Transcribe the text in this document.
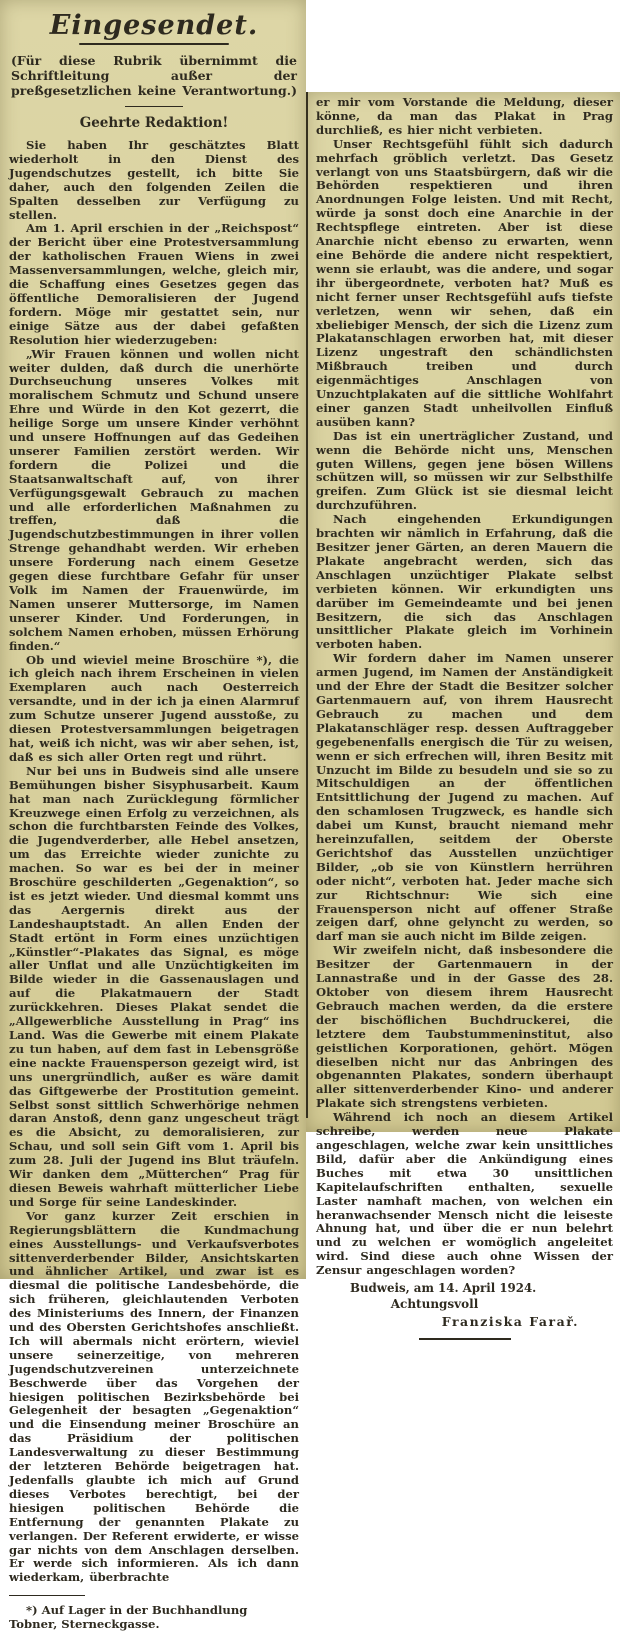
Eingesendet.
(Für diese Rubrik übernimmt die Schriftleitung außer der preßgesetzlichen keine Verantwortung.)
Geehrte Redaktion!

Sie haben Ihr geschätztes Blatt wiederholt in den Dienst des Jugendschutzes gestellt, ich bitte Sie daher, auch den folgenden Zeilen die Spalten desselben zur Verfügung zu stellen.

Am 1. April erschien in der „Reichspost“ der Bericht über eine Protestversammlung der katholischen Frauen Wiens in zwei Massenversammlungen, welche, gleich mir, die Schaffung eines Gesetzes gegen das öffentliche Demoralisieren der Jugend fordern. Möge mir gestattet sein, nur einige Sätze aus der dabei gefaßten Resolution hier wiederzugeben:

„Wir Frauen können und wollen nicht weiter dulden, daß durch die unerhörte Durchseuchung unseres Volkes mit moralischem Schmutz und Schund unsere Ehre und Würde in den Kot gezerrt, die heilige Sorge um unsere Kinder verhöhnt und unsere Hoffnungen auf das Gedeihen unserer Familien zerstört werden. Wir fordern die Polizei und die Staatsanwaltschaft auf, von ihrer Verfügungsgewalt Gebrauch zu machen und alle erforderlichen Maßnahmen zu treffen, daß die Jugendschutzbestimmungen in ihrer vollen Strenge gehandhabt werden. Wir erheben unsere Forderung nach einem Gesetze gegen diese furchtbare Gefahr für unser Volk im Namen der Frauenwürde, im Namen unserer Muttersorge, im Namen unserer Kinder. Und Forderungen, in solchem Namen erhoben, müssen Erhörung finden.“

Ob und wieviel meine Broschüre *), die ich gleich nach ihrem Erscheinen in vielen Exemplaren auch nach Oesterreich versandte, und in der ich ja einen Alarmruf zum Schutze unserer Jugend ausstoße, zu diesen Protestversammlungen beigetragen hat, weiß ich nicht, was wir aber sehen, ist, daß es sich aller Orten regt und rührt.

Nur bei uns in Budweis sind alle unsere Bemühungen bisher Sisyphusarbeit. Kaum hat man nach Zurücklegung förmlicher Kreuzwege einen Erfolg zu verzeichnen, als schon die furchtbarsten Feinde des Volkes, die Jugendverderber, alle Hebel ansetzen, um das Erreichte wieder zunichte zu machen. So war es bei der in meiner Broschüre geschilderten „Gegenaktion“, so ist es jetzt wieder. Und diesmal kommt uns das Aergernis direkt aus der Landeshauptstadt. An allen Enden der Stadt ertönt in Form eines unzüchtigen „Künstler“-Plakates das Signal, es möge aller Unflat und alle Unzüchtigkeiten im Bilde wieder in die Gassenauslagen und auf die Plakatmauern der Stadt zurückkehren. Dieses Plakat sendet die „Allgewerbliche Ausstellung in Prag“ ins Land. Was die Gewerbe mit einem Plakate zu tun haben, auf dem fast in Lebensgröße eine nackte Frauensperson gezeigt wird, ist uns unergründlich, außer es wäre damit das Giftgewerbe der Prostitution gemeint. Selbst sonst sittlich Schwerhörige nehmen daran Anstoß, denn ganz ungescheut trägt es die Absicht, zu demoralisieren, zur Schau, und soll sein Gift vom 1. April bis zum 28. Juli der Jugend ins Blut träufeln. Wir danken dem „Mütterchen“ Prag für diesen Beweis wahrhaft mütterlicher Liebe und Sorge für seine Landeskinder.

Vor ganz kurzer Zeit erschien in Regierungsblättern die Kundmachung eines Ausstellungs- und Verkaufsverbotes sittenverderbender Bilder, Ansichtskarten und ähnlicher Artikel, und zwar ist es diesmal die politische Landesbehörde, die sich früheren, gleichlautenden Verboten des Ministeriums des Innern, der Finanzen und des Obersten Gerichtshofes anschließt. Ich will abermals nicht erörtern, wieviel unsere seinerzeitige, von mehreren Jugendschutzvereinen unterzeichnete Beschwerde über das Vorgehen der hiesigen politischen Bezirksbehörde bei Gelegenheit der besagten „Gegenaktion“ und die Einsendung meiner Broschüre an das Präsidium der politischen Landesverwaltung zu dieser Bestimmung der letzteren Behörde beigetragen hat. Jedenfalls glaubte ich mich auf Grund dieses Verbotes berechtigt, bei der hiesigen politischen Behörde die Entfernung der genannten Plakate zu verlangen. Der Referent erwiderte, er wisse gar nichts von dem Anschlagen derselben. Er werde sich informieren. Als ich dann wiederkam, überbrachte

*) Auf Lager in der Buchhandlung Tobner, Sterneckgasse.

er mir vom Vorstande die Meldung, dieser könne, da man das Plakat in Prag durchließ, es hier nicht verbieten.

Unser Rechtsgefühl fühlt sich dadurch mehrfach gröblich verletzt. Das Gesetz verlangt von uns Staatsbürgern, daß wir die Behörden respektieren und ihren Anordnungen Folge leisten. Und mit Recht, würde ja sonst doch eine Anarchie in der Rechtspflege eintreten. Aber ist diese Anarchie nicht ebenso zu erwarten, wenn eine Behörde die andere nicht respektiert, wenn sie erlaubt, was die andere, und sogar ihr übergeordnete, verboten hat? Muß es nicht ferner unser Rechtsgefühl aufs tiefste verletzen, wenn wir sehen, daß ein xbeliebiger Mensch, der sich die Lizenz zum Plakatanschlagen erworben hat, mit dieser Lizenz ungestraft den schändlichsten Mißbrauch treiben und durch eigenmächtiges Anschlagen von Unzuchtplakaten auf die sittliche Wohlfahrt einer ganzen Stadt unheilvollen Einfluß ausüben kann?

Das ist ein unerträglicher Zustand, und wenn die Behörde nicht uns, Menschen guten Willens, gegen jene bösen Willens schützen will, so müssen wir zur Selbsthilfe greifen. Zum Glück ist sie diesmal leicht durchzuführen.

Nach eingehenden Erkundigungen brachten wir nämlich in Erfahrung, daß die Besitzer jener Gärten, an deren Mauern die Plakate angebracht werden, sich das Anschlagen unzüchtiger Plakate selbst verbieten können. Wir erkundigten uns darüber im Gemeindeamte und bei jenen Besitzern, die sich das Anschlagen unsittlicher Plakate gleich im Vorhinein verboten haben.

Wir fordern daher im Namen unserer armen Jugend, im Namen der Anständigkeit und der Ehre der Stadt die Besitzer solcher Gartenmauern auf, von ihrem Hausrecht Gebrauch zu machen und dem Plakatanschläger resp. dessen Auftraggeber gegebenenfalls energisch die Tür zu weisen, wenn er sich erfrechen will, ihren Besitz mit Unzucht im Bilde zu besudeln und sie so zu Mitschuldigen an der öffentlichen Entsittlichung der Jugend zu machen. Auf den schamlosen Trugzweck, es handle sich dabei um Kunst, braucht niemand mehr hereinzufallen, seitdem der Oberste Gerichtshof das Ausstellen unzüchtiger Bilder, „ob sie von Künstlern herrühren oder nicht“, verboten hat. Jeder mache sich zur Richtschnur: Wie sich eine Frauensperson nicht auf offener Straße zeigen darf, ohne gelyncht zu werden, so darf man sie auch nicht im Bilde zeigen.

Wir zweifeln nicht, daß insbesondere die Besitzer der Gartenmauern in der Lannastraße und in der Gasse des 28. Oktober von diesem ihrem Hausrecht Gebrauch machen werden, da die erstere der bischöflichen Buchdruckerei, die letztere dem Taubstummeninstitut, also geistlichen Korporationen, gehört. Mögen dieselben nicht nur das Anbringen des obgenannten Plakates, sondern überhaupt aller sittenverderbender Kino- und anderer Plakate sich strengstens verbieten.

Während ich noch an diesem Artikel schreibe, werden neue Plakate angeschlagen, welche zwar kein unsittliches Bild, dafür aber die Ankündigung eines Buches mit etwa 30 unsittlichen Kapitelaufschriften enthalten, sexuelle Laster namhaft machen, von welchen ein heranwachsender Mensch nicht die leiseste Ahnung hat, und über die er nun belehrt und zu welchen er womöglich angeleitet wird. Sind diese auch ohne Wissen der Zensur angeschlagen worden?

Budweis, am 14. April 1924.

Achtungsvoll

Franziska Farař.
